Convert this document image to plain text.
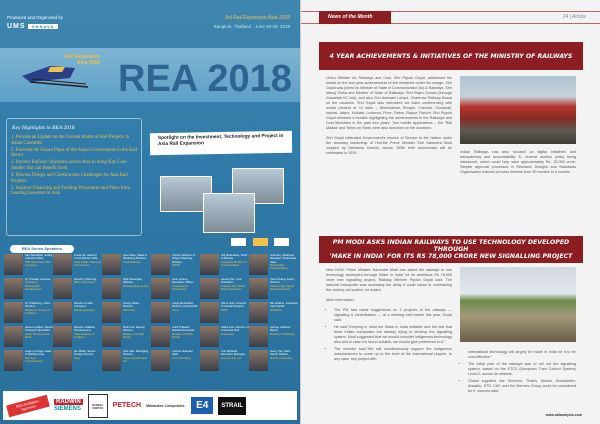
Produced and Organized by
UMS ONNAVA
3rd Rail Expansion Asia 2018
Bangkok, Thailand · June 28-29, 2018
Rail Expansion Asia 2018 REA 2018
Key Highlights in REA 2018
1. Provide an Update on the Current Status of Rail Projects in Asian Countries
2. Forecast the Future Plans of the Asian Governments in the Rail Sector
3. Involve Railway Operators across Asia to bring Key Case Studies that can Benefit from
4. Discuss Design and Construction Challenges for Asia Rail Projects
5. Analyze Financing and Funding Procedures and Plans from Leading Investors in Asia
Spotlight on the Investment, Technology and Project in Asia Rail Expansion
REA Series Speakers
Atip Sanitdhan, Acting Assistant CEO,
SRT Electrified Train Company
Anuar Ali, Head of Cross Border HSR,
Land Public Transport Commission
Koon Mee, Sales & Marketing Director,
Thai Railways
Anicha, Director of Project Planning Division,
MRTA
Adi Fitriandaru, Chief of Bureau,
Indonesia Ministry of Transportation
Julio Roy, Business Manager, South East Asia,
Bombardier Transportation
Dr. Pansak, Lecturer,
Institute of Metropolitan Development
Director, Planning,
MRT Corporation
Sigit Sasongko, Director,
Railway Engineering
John Lenton, Executive Officer,
Infrastructure Corporation
James Tan, Vice President,
Taiwan High Speed Rail Corporation
Cloe Chiang, Assoc Director,
Taiwan High Speed Rail Corporation
Dr. Kittiphong, Chief Director,
Ministry of Transport Thailand
Director of Rail Transport,
Rail Engineering
Sunny Tanko, Director,
SMT Rail
Angel Mohedano, Director, Asia Pacific,
Indra
Oliver Sum, Director of Capital Projects,
PWC
Nik Ibrahim, Industries Asia Pacific,
RADWIN
James Leather, Senior Transport Specialist,
Asian Development Bank
Director, Railway Development,
State Railway of Thailand
Budi Cok, Deputy Director,
Ministry of Public Works
Sunil Prakash, Department Head,
Ministry of Public Works
Abdul Aziz, Director of Corporate Rail,
Prasarana
Apinya, Address Board,
Ministry of Railways
Hugo Lyminge, Head of Railway Asia,
Siemens Transportation
Ian White, Senior Design Director,
Arup
Alok Jain, Managing Director,
Trans Consult Asia Ltd
Andrew Saunder, CEO,
TTA Consulting
Ann Michelle, Executive Manager,
Aurecon Pty Ltd
Henry Tan, CEO, Senior Advisor,
Mobile Consulting
REA Exhibition Sponsors
RADWIN
SIEMENS
BUREAU VERITAS	PETECH Milwaukee Composites	E4	STRAIL
News of the Month	24 | Article
4 YEAR ACHIEVEMENTS & INITIATIVES OF THE MINISTRY OF RAILWAYS

Union Minister for Railways and Coal, Shri Piyush Goyal, addressed the media on the four-year achievements of the ministries under his charge. Shri Goyal was joined by Minister of State of Communication (Ic) & Railways, Shri Manoj Sinha and Minister of State of Railways, Shri Rajen Gohain (through Guwahati VC link), and also Shri Ashwani Lohani, Chairman Railway Board on the occasion. Shri Goyal also interacted via video conferencing with media present at 12 sites – Ahmedabad, Bhopal, Chennai, Guwahati, Imphal, Jaipur, Kolkata, Lucknow, Pune, Patna, Raipur, Ranchi. Shri Piyush Goyal released a booklet highlighting the achievements in the Railways and Coal Ministries in the past four years. Two mobile Applications – the 'Rail Madad' and 'Menu on Rails' were also launched on the occasion.

Shri Goyal reiterated Government's resolve of Service to the Nation under the visionary leadership of Hon'ble Prime Minister Shri Narendra Modi inspired by Mahatma Gandhi, whose 150th birth anniversary will be celebrated in 2019.	Indian Railways has also focused on digital initiatives and transparency and accountability. E- reverse auction policy being introduced, which could help save approximately Rs. 25,000 crore. Simpler approval processes in Research Designs and Standards Organisation reduced process timeline from 30 months to 6 months.
PM MODI ASKS INDIAN RAILWAYS TO USE TECHNOLOGY DEVELOPED THROUGH
'MAKE IN INDIA' FOR ITS RS 78,000 CRORE NEW SIGNALLING PROJECT

New Delhi: Prime Minister Narendra Modi has asked the railways to use technology developed through 'Make in India' for its ambitious Rs 78,000 crore new signalling project, Railway Minister Piyush Goyal said. The national transporter was assessing the delay it could cause in overhauling the century-old system, he added.

More information:

• The PM had made suggestions on 2 projects of the railways — signalling & electrification — at a meeting held earlier this year, Goyal said.
• He said,"Keeping in mind the Make in India initiative and the fact that three Indian companies are already trying to develop the signalling system, Modi suggested that we should consider indigenous technology also and in case it is found suitable, we should give preference to it."
• The minister said,"We will simultaneously support the indigenous manufacturers to come up to the level of the international players. In any case, any project with

international technology will largely be made in India for it to be cost-effective."

• The initial plan of the railways was to roll out the signalling system, based on the ETCS (European Train Control System) Level-2, across its network.
• Global suppliers like Siemens, Thales, Alstom, Bombardier, Ansaldo, STS, CAF, and the Mermec Group could be considered for it, sources said.
www.railanalysis.com
